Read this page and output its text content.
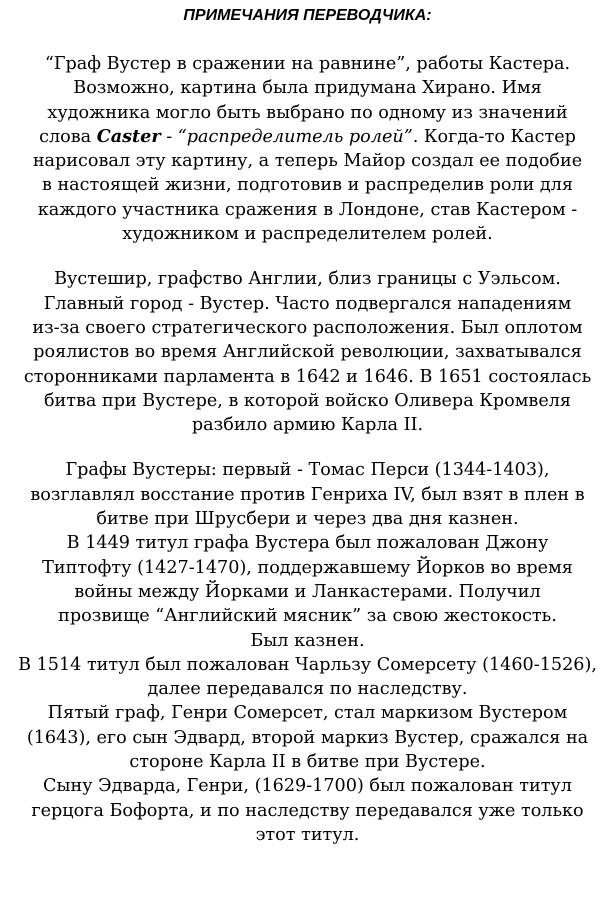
ПРИМЕЧАНИЯ ПЕРЕВОДЧИКА:
“Граф Вустер в сражении на равнине”, работы Кастера.
Возможно, картина была придумана Хирано. Имя
художника могло быть выбрано по одному из значений
слова Caster - “распределитель ролей”. Когда-то Кастер
нарисовал эту картину, а теперь Майор создал ее подобие
в настоящей жизни, подготовив и распределив роли для
каждого участника сражения в Лондоне, став Кастером -
художником и распределителем ролей.
Вустешир, графство Англии, близ границы с Уэльсом.
Главный город - Вустер. Часто подвергался нападениям
из-за своего стратегического расположения. Был оплотом
роялистов во время Английской революции, захватывался
сторонниками парламента в 1642 и 1646. В 1651 состоялась
битва при Вустере, в которой войско Оливера Кромвеля
разбило армию Карла II.
Графы Вустеры: первый - Томас Перси (1344-1403),
возглавлял восстание против Генриха IV, был взят в плен в
битве при Шрусбери и через два дня казнен.
В 1449 титул графа Вустера был пожалован Джону
Типтофту (1427-1470), поддержавшему Йорков во время
войны между Йорками и Ланкастерами. Получил
прозвище “Английский мясник” за свою жестокость.
Был казнен.
В 1514 титул был пожалован Чарльзу Сомерсету (1460-1526),
далее передавался по наследству.
Пятый граф, Генри Сомерсет, стал маркизом Вустером
(1643), его сын Эдвард, второй маркиз Вустер, сражался на
стороне Карла II в битве при Вустере.
Сыну Эдварда, Генри, (1629-1700) был пожалован титул
герцога Бофорта, и по наследству передавался уже только
этот титул.
